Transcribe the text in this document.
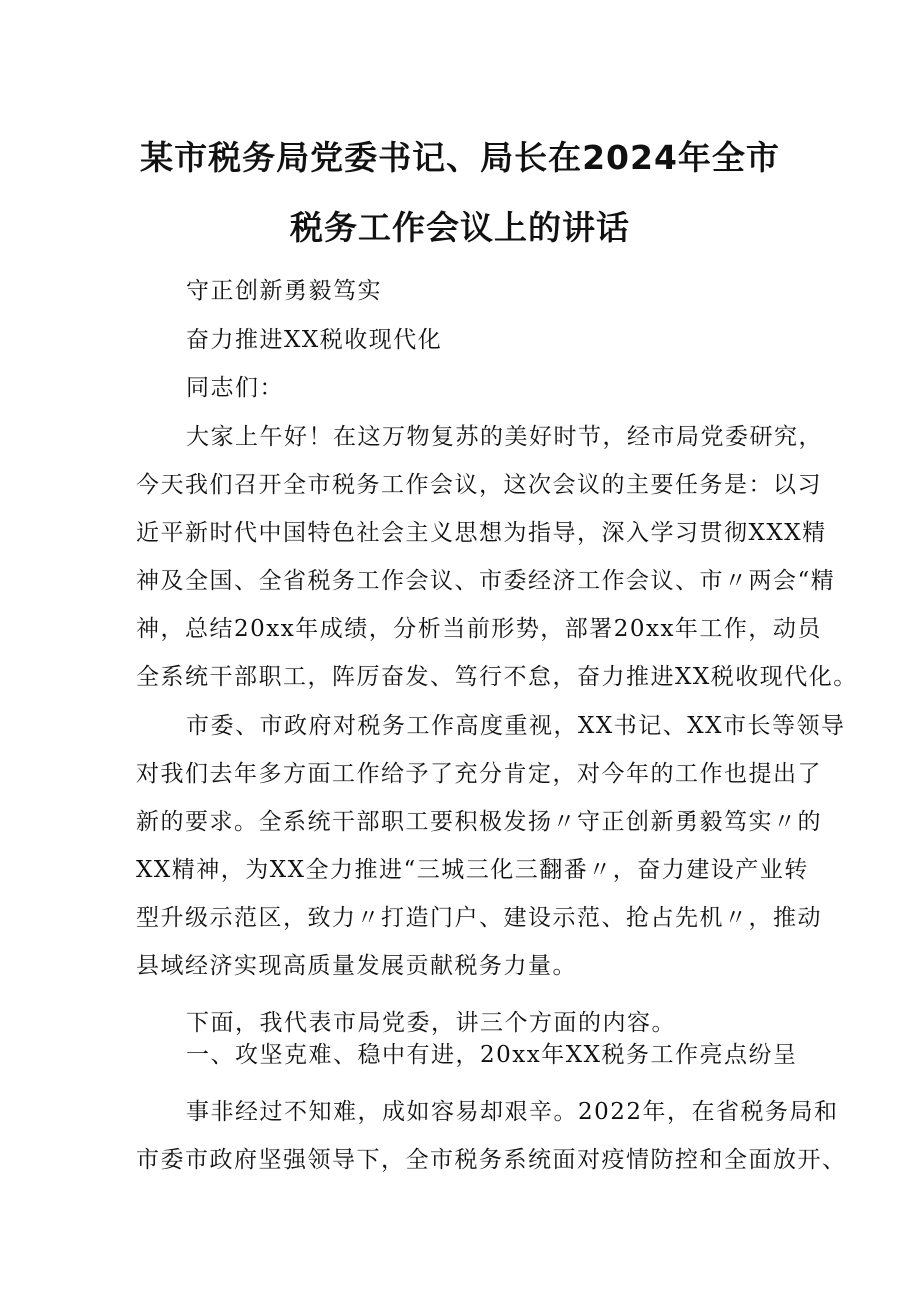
某市税务局党委书记、局长在2024年全市
税务工作会议上的讲话
守正创新勇毅笃实
奋力推进XX税收现代化
同志们：
大家上午好！在这万物复苏的美好时节，经市局党委研究，
今天我们召开全市税务工作会议，这次会议的主要任务是：以习
近平新时代中国特色社会主义思想为指导，深入学习贯彻XXX精
神及全国、全省税务工作会议、市委经济工作会议、市〃两会“精
神，总结20xx年成绩，分析当前形势，部署20xx年工作，动员
全系统干部职工，阵厉奋发、笃行不怠，奋力推进XX税收现代化。
市委、市政府对税务工作高度重视，XX书记、XX市长等领导
对我们去年多方面工作给予了充分肯定，对今年的工作也提出了
新的要求。全系统干部职工要积极发扬〃守正创新勇毅笃实〃的
XX精神，为XX全力推进“三城三化三翻番〃，奋力建设产业转
型升级示范区，致力〃打造门户、建设示范、抢占先机〃，推动
县域经济实现高质量发展贡献税务力量。
下面，我代表市局党委，讲三个方面的内容。
一、攻坚克难、稳中有进，20xx年XX税务工作亮点纷呈
事非经过不知难，成如容易却艰辛。2022年，在省税务局和
市委市政府坚强领导下，全市税务系统面对疫情防控和全面放开、
